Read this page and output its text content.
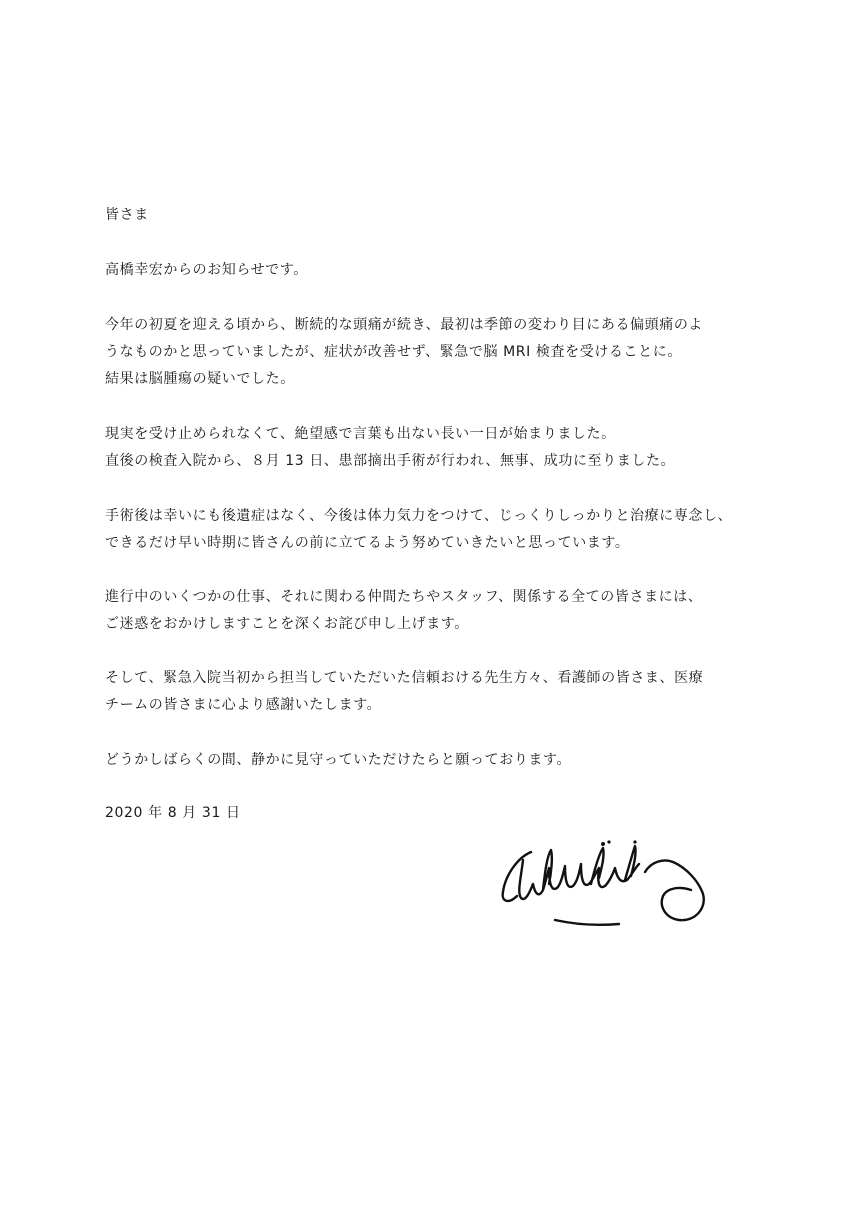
皆さま
高橋幸宏からのお知らせです。
今年の初夏を迎える頃から、断続的な頭痛が続き、最初は季節の変わり目にある偏頭痛のよ
うなものかと思っていましたが、症状が改善せず、緊急で脳 MRI 検査を受けることに。
結果は脳腫瘍の疑いでした。
現実を受け止められなくて、絶望感で言葉も出ない長い一日が始まりました。
直後の検査入院から、８月 13 日、患部摘出手術が行われ、無事、成功に至りました。
手術後は幸いにも後遺症はなく、今後は体力気力をつけて、じっくりしっかりと治療に専念し、
できるだけ早い時期に皆さんの前に立てるよう努めていきたいと思っています。
進行中のいくつかの仕事、それに関わる仲間たちやスタッフ、関係する全ての皆さまには、
ご迷惑をおかけしますことを深くお詫び申し上げます。
そして、緊急入院当初から担当していただいた信頼おける先生方々、看護師の皆さま、医療
チームの皆さまに心より感謝いたします。
どうかしばらくの間、静かに見守っていただけたらと願っております。
2020 年 8 月 31 日
